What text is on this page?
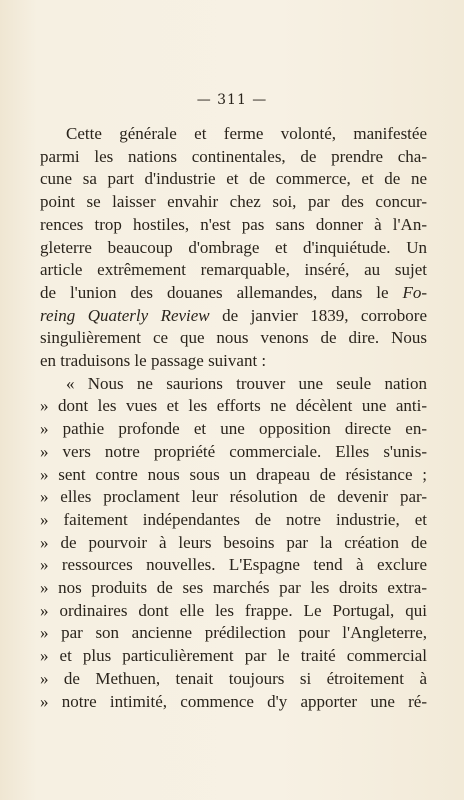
— 311 —
Cette générale et ferme volonté, manifestée
parmi les nations continentales, de prendre cha-
cune sa part d'industrie et de commerce, et de ne
point se laisser envahir chez soi, par des concur-
rences trop hostiles, n'est pas sans donner à l'An-
gleterre beaucoup d'ombrage et d'inquiétude. Un
article extrêmement remarquable, inséré, au sujet
de l'union des douanes allemandes, dans le Fo-
reing Quaterly Review de janvier 1839, corrobore
singulièrement ce que nous venons de dire. Nous
en traduisons le passage suivant :
« Nous ne saurions trouver une seule nation
» dont les vues et les efforts ne décèlent une anti-
» pathie profonde et une opposition directe en-
» vers notre propriété commerciale. Elles s'unis-
» sent contre nous sous un drapeau de résistance ;
» elles proclament leur résolution de devenir par-
» faitement indépendantes de notre industrie, et
» de pourvoir à leurs besoins par la création de
» ressources nouvelles. L'Espagne tend à exclure
» nos produits de ses marchés par les droits extra-
» ordinaires dont elle les frappe. Le Portugal, qui
» par son ancienne prédilection pour l'Angleterre,
» et plus particulièrement par le traité commercial
» de Methuen, tenait toujours si étroitement à
» notre intimité, commence d'y apporter une ré-
